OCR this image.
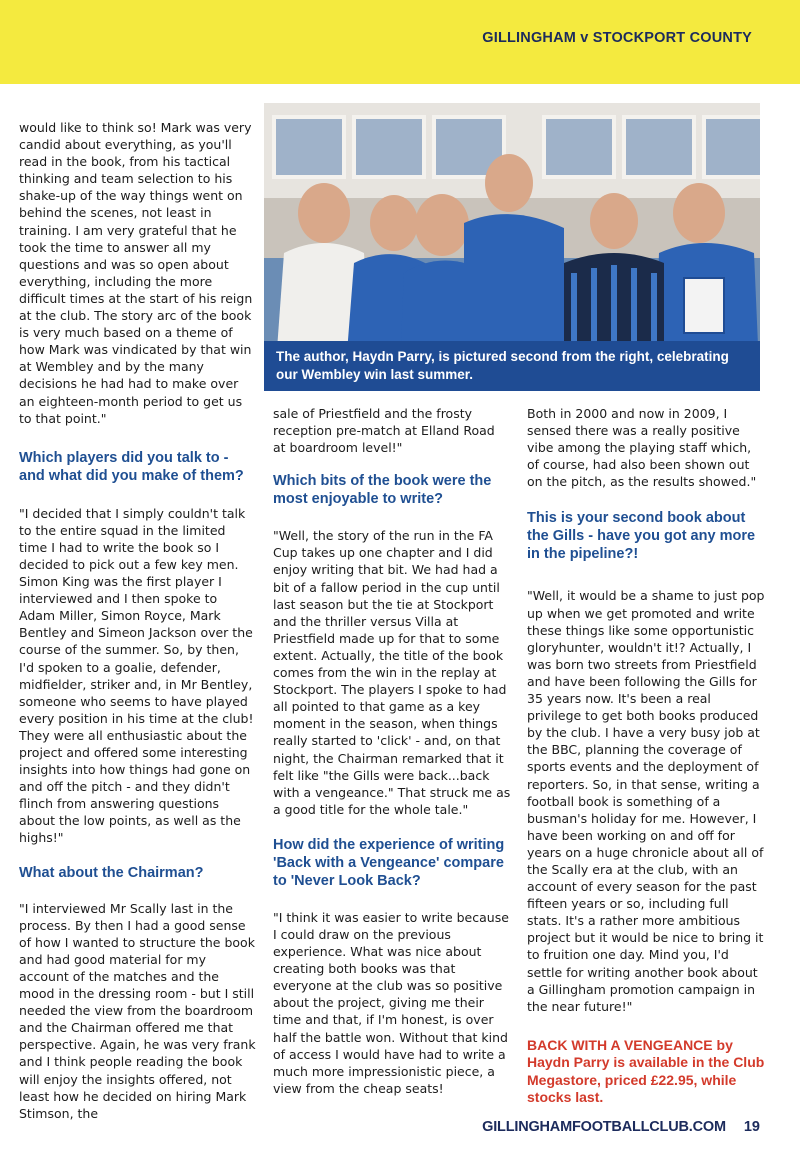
GILLINGHAM v STOCKPORT COUNTY
The author, Haydn Parry, is pictured second from the right, celebrating our Wembley win last summer.

would like to think so! Mark was very candid about everything, as you'll read in the book, from his tactical thinking and team selection to his shake-up of the way things went on behind the scenes, not least in training. I am very grateful that he took the time to answer all my questions and was so open about everything, including the more difficult times at the start of his reign at the club. The story arc of the book is very much based on a theme of how Mark was vindicated by that win at Wembley and by the many decisions he had had to make over an eighteen-month period to get us to that point."

Which players did you talk to - and what did you make of them?

"I decided that I simply couldn't talk to the entire squad in the limited time I had to write the book so I decided to pick out a few key men. Simon King was the first player I interviewed and I then spoke to Adam Miller, Simon Royce, Mark Bentley and Simeon Jackson over the course of the summer. So, by then, I'd spoken to a goalie, defender, midfielder, striker and, in Mr Bentley, someone who seems to have played every position in his time at the club! They were all enthusiastic about the project and offered some interesting insights into how things had gone on and off the pitch - and they didn't flinch from answering questions about the low points, as well as the highs!"

What about the Chairman?

"I interviewed Mr Scally last in the process. By then I had a good sense of how I wanted to structure the book and had good material for my account of the matches and the mood in the dressing room - but I still needed the view from the boardroom and the Chairman offered me that perspective. Again, he was very frank and I think people reading the book will enjoy the insights offered, not least how he decided on hiring Mark Stimson, the

sale of Priestfield and the frosty reception pre-match at Elland Road at boardroom level!"

Which bits of the book were the most enjoyable to write?

"Well, the story of the run in the FA Cup takes up one chapter and I did enjoy writing that bit. We had had a bit of a fallow period in the cup until last season but the tie at Stockport and the thriller versus Villa at Priestfield made up for that to some extent. Actually, the title of the book comes from the win in the replay at Stockport. The players I spoke to had all pointed to that game as a key moment in the season, when things really started to 'click' - and, on that night, the Chairman remarked that it felt like "the Gills were back...back with a vengeance." That struck me as a good title for the whole tale."

How did the experience of writing 'Back with a Vengeance' compare to 'Never Look Back?

"I think it was easier to write because I could draw on the previous experience. What was nice about creating both books was that everyone at the club was so positive about the project, giving me their time and that, if I'm honest, is over half the battle won. Without that kind of access I would have had to write a much more impressionistic piece, a view from the cheap seats!

Both in 2000 and now in 2009, I sensed there was a really positive vibe among the playing staff which, of course, had also been shown out on the pitch, as the results showed."

This is your second book about the Gills - have you got any more in the pipeline?!

"Well, it would be a shame to just pop up when we get promoted and write these things like some opportunistic gloryhunter, wouldn't it!? Actually, I was born two streets from Priestfield and have been following the Gills for 35 years now. It's been a real privilege to get both books produced by the club. I have a very busy job at the BBC, planning the coverage of sports events and the deployment of reporters. So, in that sense, writing a football book is something of a busman's holiday for me. However, I have been working on and off for years on a huge chronicle about all of the Scally era at the club, with an account of every season for the past fifteen years or so, including full stats. It's a rather more ambitious project but it would be nice to bring it to fruition one day. Mind you, I'd settle for writing another book about a Gillingham promotion campaign in the near future!"

BACK WITH A VENGEANCE by Haydn Parry is available in the Club Megastore, priced £22.95, while stocks last.

GILLINGHAMFOOTBALLCLUB.COM 19
